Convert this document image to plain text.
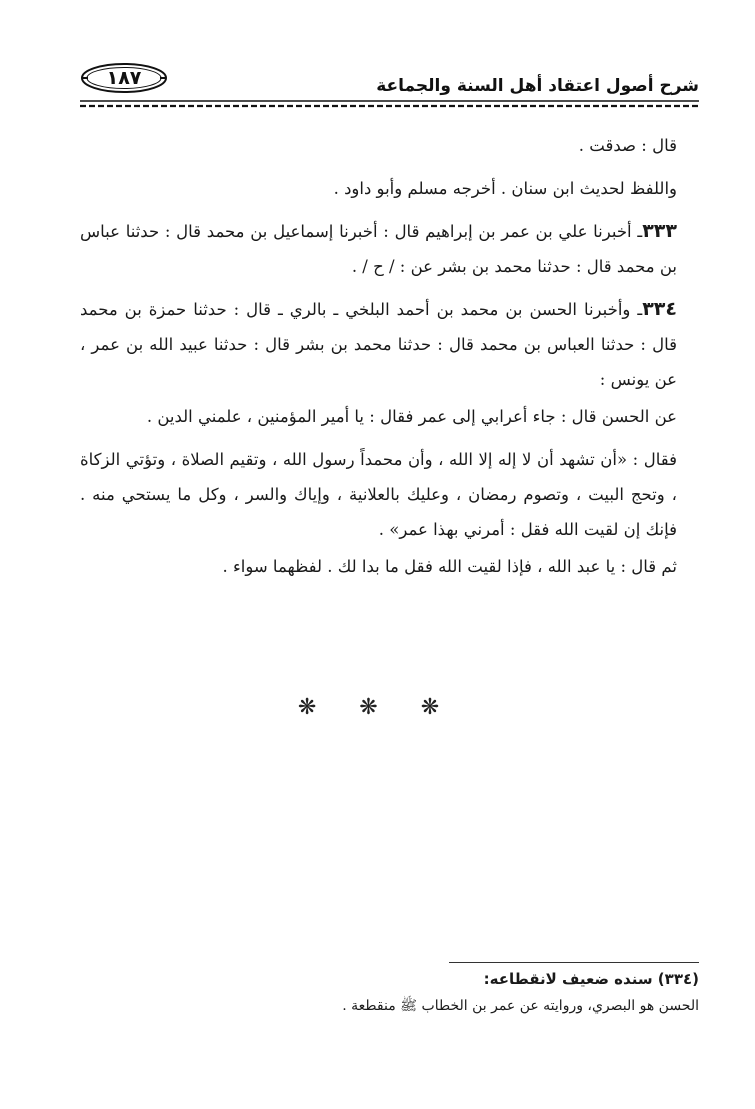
شرح أصول اعتقاد أهل السنة والجماعة
١٨٧

قال : صدقت .

واللفظ لحديث ابن سنان . أخرجه مسلم وأبو داود .

٣٣٣ـ أخبرنا علي بن عمر بن إبراهيم قال : أخبرنا إسماعيل بن محمد قال : حدثنا عباس بن محمد قال : حدثنا محمد بن بشر عن : / ح / .

٣٣٤ـ وأخبرنا الحسن بن محمد بن أحمد البلخي ـ بالري ـ قال : حدثنا حمزة بن محمد قال : حدثنا العباس بن محمد قال : حدثنا محمد بن بشر قال : حدثنا عبيد الله بن عمر ، عن يونس :

عن الحسن قال : جاء أعرابي إلى عمر فقال : يا أمير المؤمنين ، علمني الدين .

فقال : «أن تشهد أن لا إله إلا الله ، وأن محمداً رسول الله ، وتقيم الصلاة ، وتؤتي الزكاة ، وتحج البيت ، وتصوم رمضان ، وعليك بالعلانية ، وإياك والسر ، وكل ما يستحي منه . فإنك إن لقيت الله فقل : أمرني بهذا عمر» .

ثم قال : يا عبد الله ، فإذا لقيت الله فقل ما بدا لك . لفظهما سواء .

❋ ❋ ❋

(٣٣٤) سنده ضعيف لانقطاعه:

الحسن هو البصري، وروايته عن عمر بن الخطاب ﷺ منقطعة .
